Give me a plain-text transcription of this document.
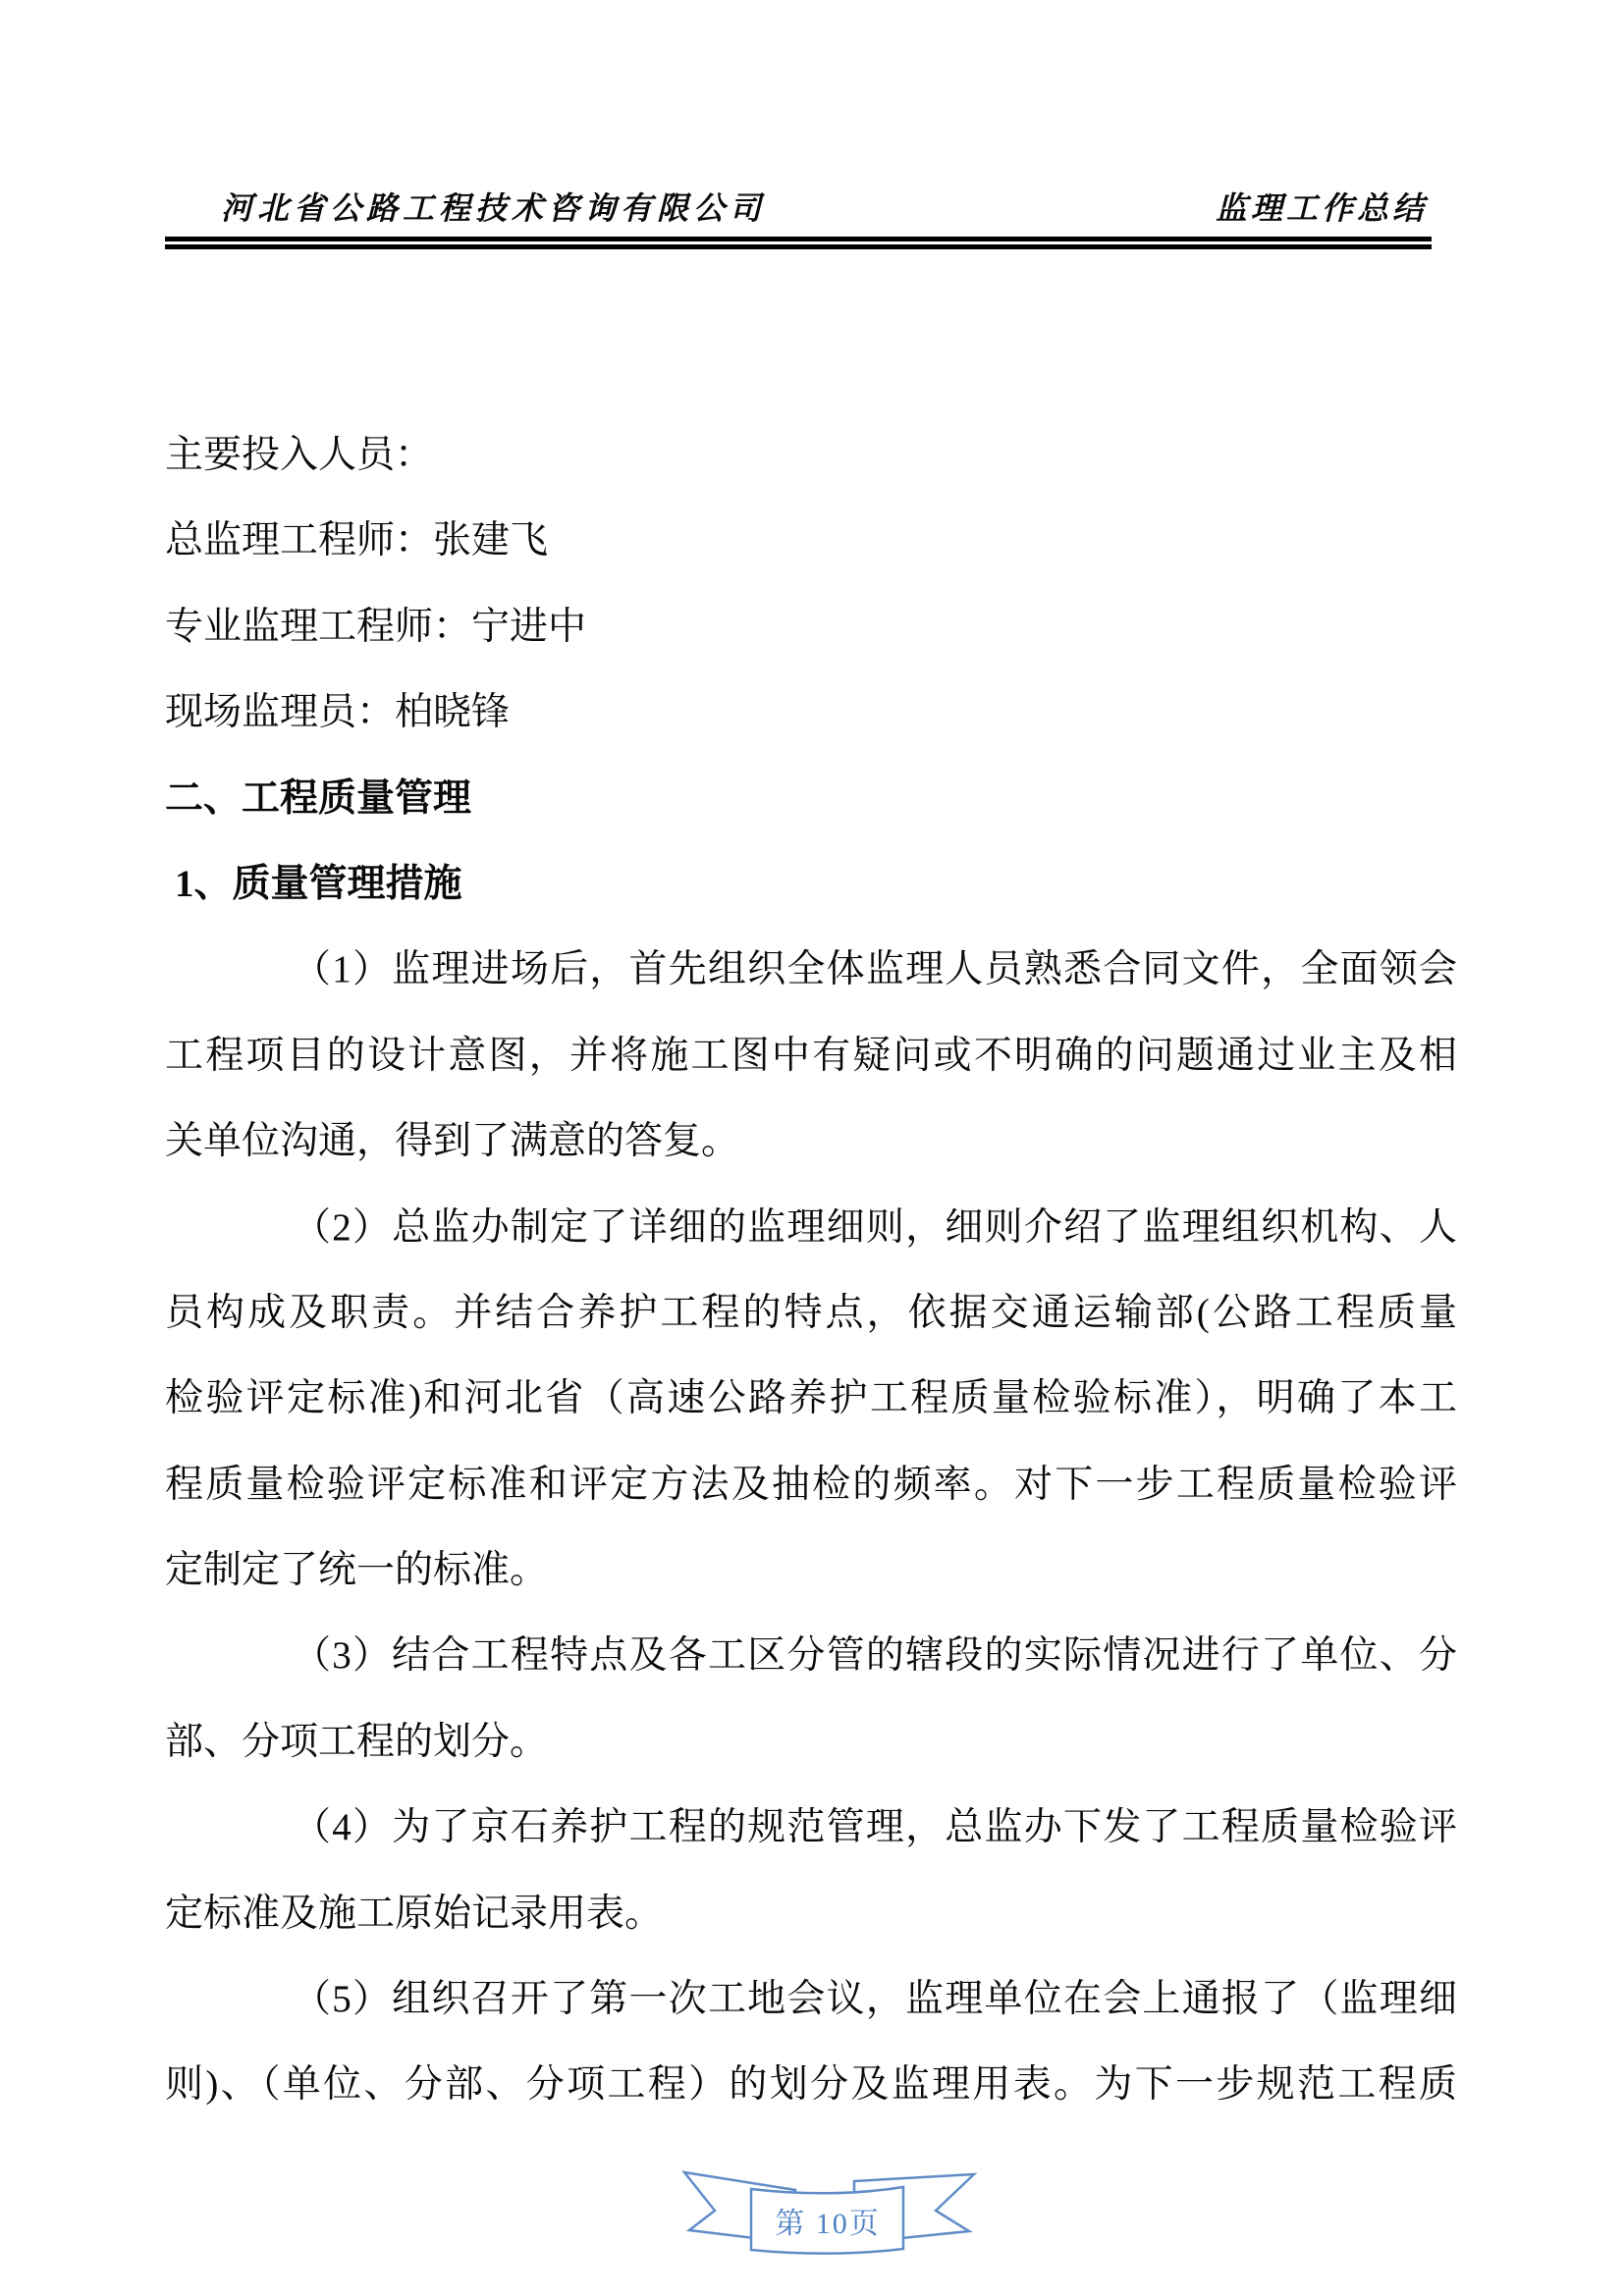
河北省公路工程技术咨询有限公司	监理工作总结
主要投入人员：
总监理工程师：张建飞
专业监理工程师：宁进中
现场监理员：柏晓锋
二、工程质量管理
1、质量管理措施
（1）监理进场后，首先组织全体监理人员熟悉合同文件，全面领会
工程项目的设计意图，并将施工图中有疑问或不明确的问题通过业主及相
关单位沟通，得到了满意的答复。
（2）总监办制定了详细的监理细则，细则介绍了监理组织机构、人
员构成及职责。并结合养护工程的特点，依据交通运输部(公路工程质量
检验评定标准)和河北省（高速公路养护工程质量检验标准），明确了本工
程质量检验评定标准和评定方法及抽检的频率。对下一步工程质量检验评
定制定了统一的标准。
（3）结合工程特点及各工区分管的辖段的实际情况进行了单位、分
部、分项工程的划分。
（4）为了京石养护工程的规范管理，总监办下发了工程质量检验评
定标准及施工原始记录用表。
（5）组织召开了第一次工地会议，监理单位在会上通报了（监理细
则)、（单位、分部、分项工程）的划分及监理用表。为下一步规范工程质
第 10页
